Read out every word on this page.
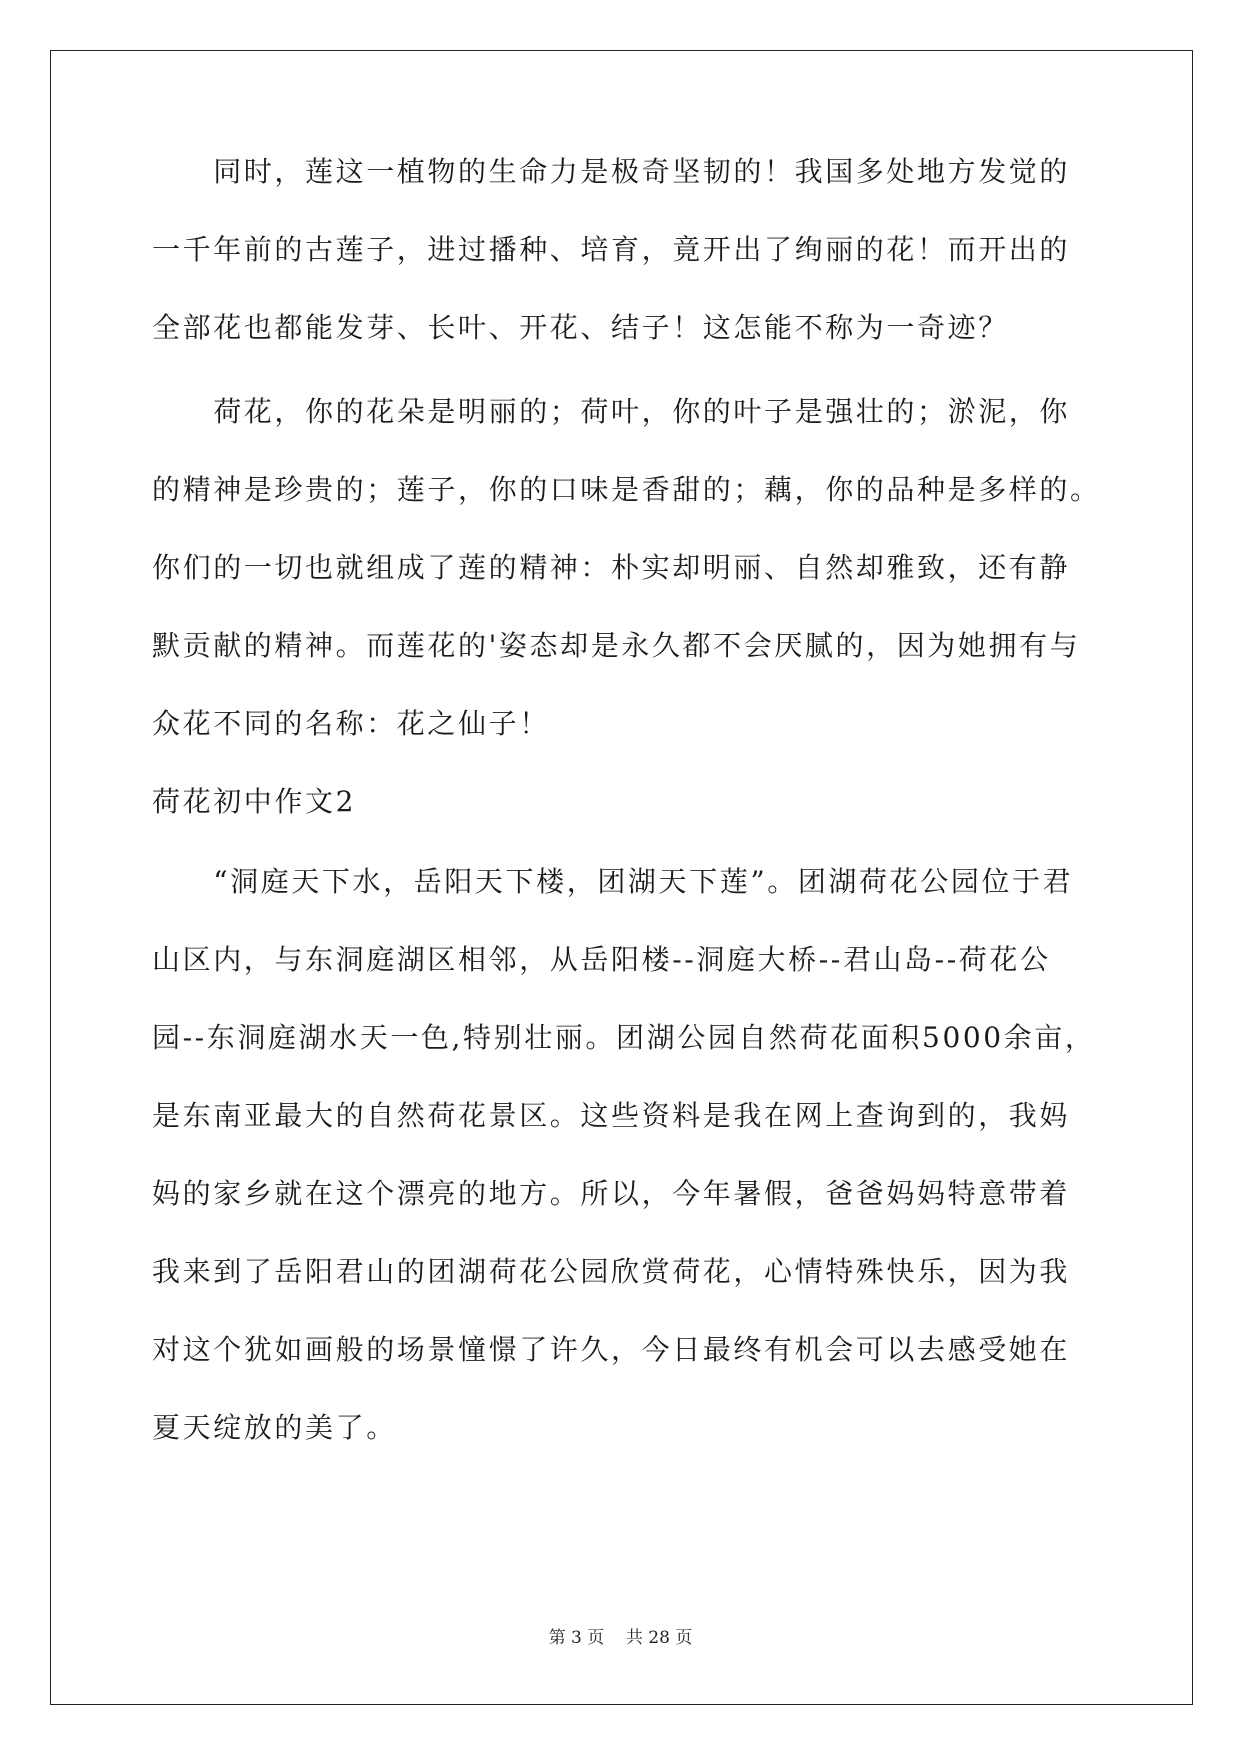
　　同时，莲这一植物的生命力是极奇坚韧的！我国多处地方发觉的
一千年前的古莲子，进过播种、培育，竟开出了绚丽的花！而开出的
全部花也都能发芽、长叶、开花、结子！这怎能不称为一奇迹？
　　荷花，你的花朵是明丽的；荷叶，你的叶子是强壮的；淤泥，你
的精神是珍贵的；莲子，你的口味是香甜的；藕，你的品种是多样的。
你们的一切也就组成了莲的精神：朴实却明丽、自然却雅致，还有静
默贡献的精神。而莲花的'姿态却是永久都不会厌腻的，因为她拥有与
众花不同的名称：花之仙子！
荷花初中作文2
　　“洞庭天下水，岳阳天下楼，团湖天下莲”。团湖荷花公园位于君
山区内，与东洞庭湖区相邻，从岳阳楼--洞庭大桥--君山岛--荷花公
园--东洞庭湖水天一色,特别壮丽。团湖公园自然荷花面积5000余亩，
是东南亚最大的自然荷花景区。这些资料是我在网上查询到的，我妈
妈的家乡就在这个漂亮的地方。所以，今年暑假，爸爸妈妈特意带着
我来到了岳阳君山的团湖荷花公园欣赏荷花，心情特殊快乐，因为我
对这个犹如画般的场景憧憬了许久，今日最终有机会可以去感受她在
夏天绽放的美了。
第 3 页 共 28 页
